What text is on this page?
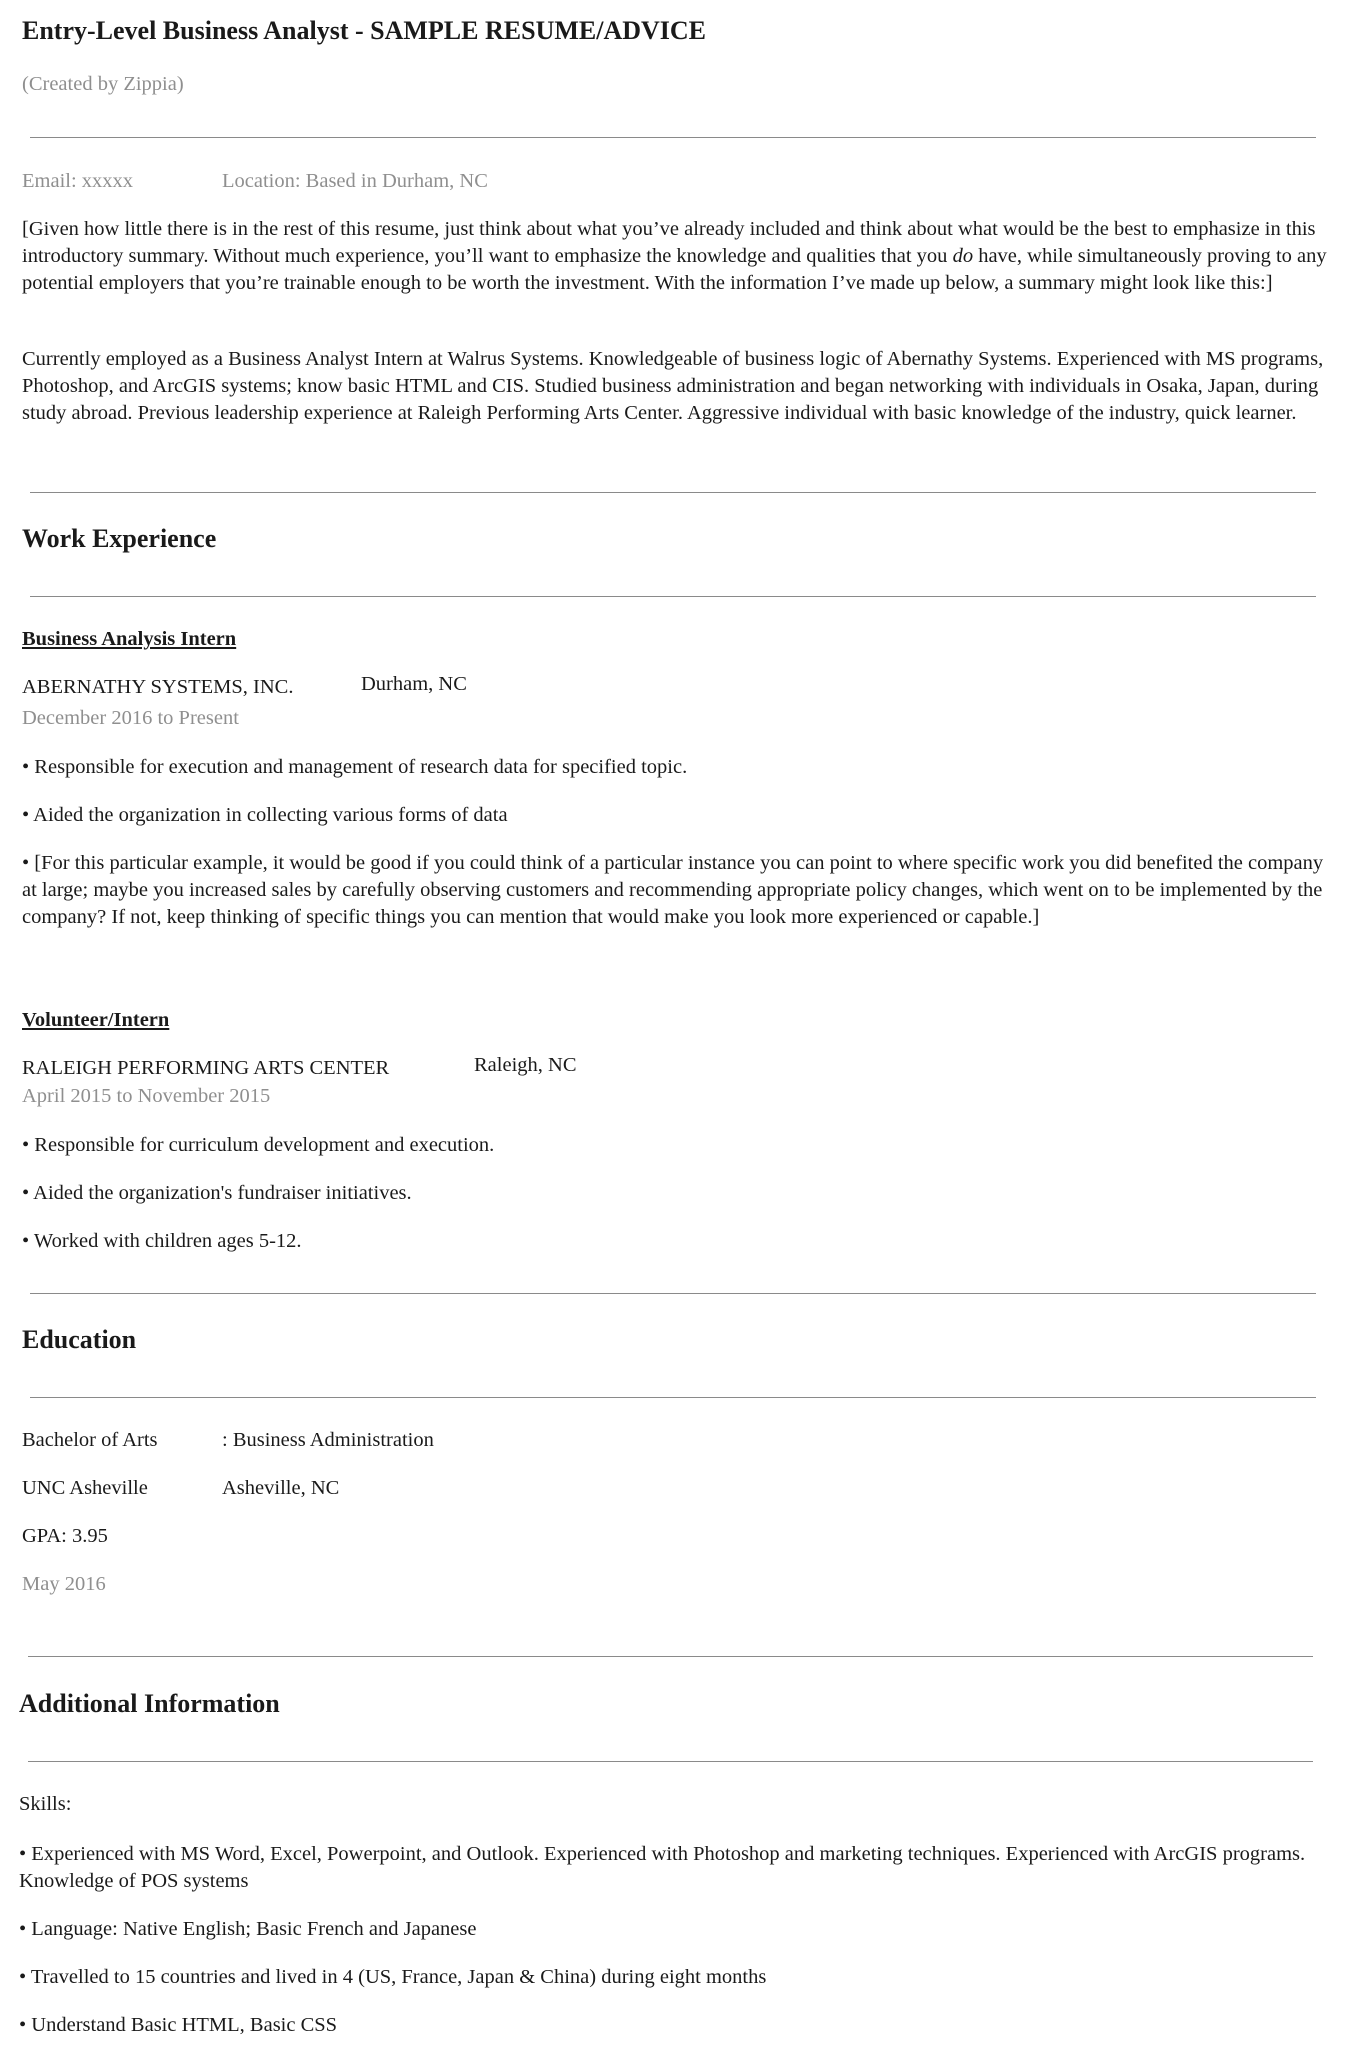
Entry-Level Business Analyst - SAMPLE RESUME/ADVICE
(Created by Zippia)
Email: xxxxx	Location: Based in Durham, NC
[Given how little there is in the rest of this resume, just think about what you’ve already included and think about what would be the best to emphasize in this introductory summary. Without much experience, you’ll want to emphasize the knowledge and qualities that you do have, while simultaneously proving to any potential employers that you’re trainable enough to be worth the investment. With the information I’ve made up below, a summary might look like this:]
Currently employed as a Business Analyst Intern at Walrus Systems. Knowledgeable of business logic of Abernathy Systems. Experienced with MS programs, Photoshop, and ArcGIS systems; know basic HTML and CIS. Studied business administration and began networking with individuals in Osaka, Japan, during study abroad. Previous leadership experience at Raleigh Performing Arts Center. Aggressive individual with basic knowledge of the industry, quick learner.
Work Experience
Business Analysis Intern
ABERNATHY SYSTEMS, INC.	Durham, NC
December 2016 to Present
• Responsible for execution and management of research data for specified topic.
• Aided the organization in collecting various forms of data
• [For this particular example, it would be good if you could think of a particular instance you can point to where specific work you did benefited the company at large; maybe you increased sales by carefully observing customers and recommending appropriate policy changes, which went on to be implemented by the company? If not, keep thinking of specific things you can mention that would make you look more experienced or capable.]
Volunteer/Intern
RALEIGH PERFORMING ARTS CENTER	Raleigh, NC
April 2015 to November 2015
• Responsible for curriculum development and execution.
• Aided the organization's fundraiser initiatives.
• Worked with children ages 5-12.
Education
Bachelor of Arts	: Business Administration
UNC Asheville	Asheville, NC
GPA: 3.95
May 2016
Additional Information
Skills:
• Experienced with MS Word, Excel, Powerpoint, and Outlook. Experienced with Photoshop and marketing techniques. Experienced with ArcGIS programs. Knowledge of POS systems
• Language: Native English; Basic French and Japanese
• Travelled to 15 countries and lived in 4 (US, France, Japan & China) during eight months
• Understand Basic HTML, Basic CSS
